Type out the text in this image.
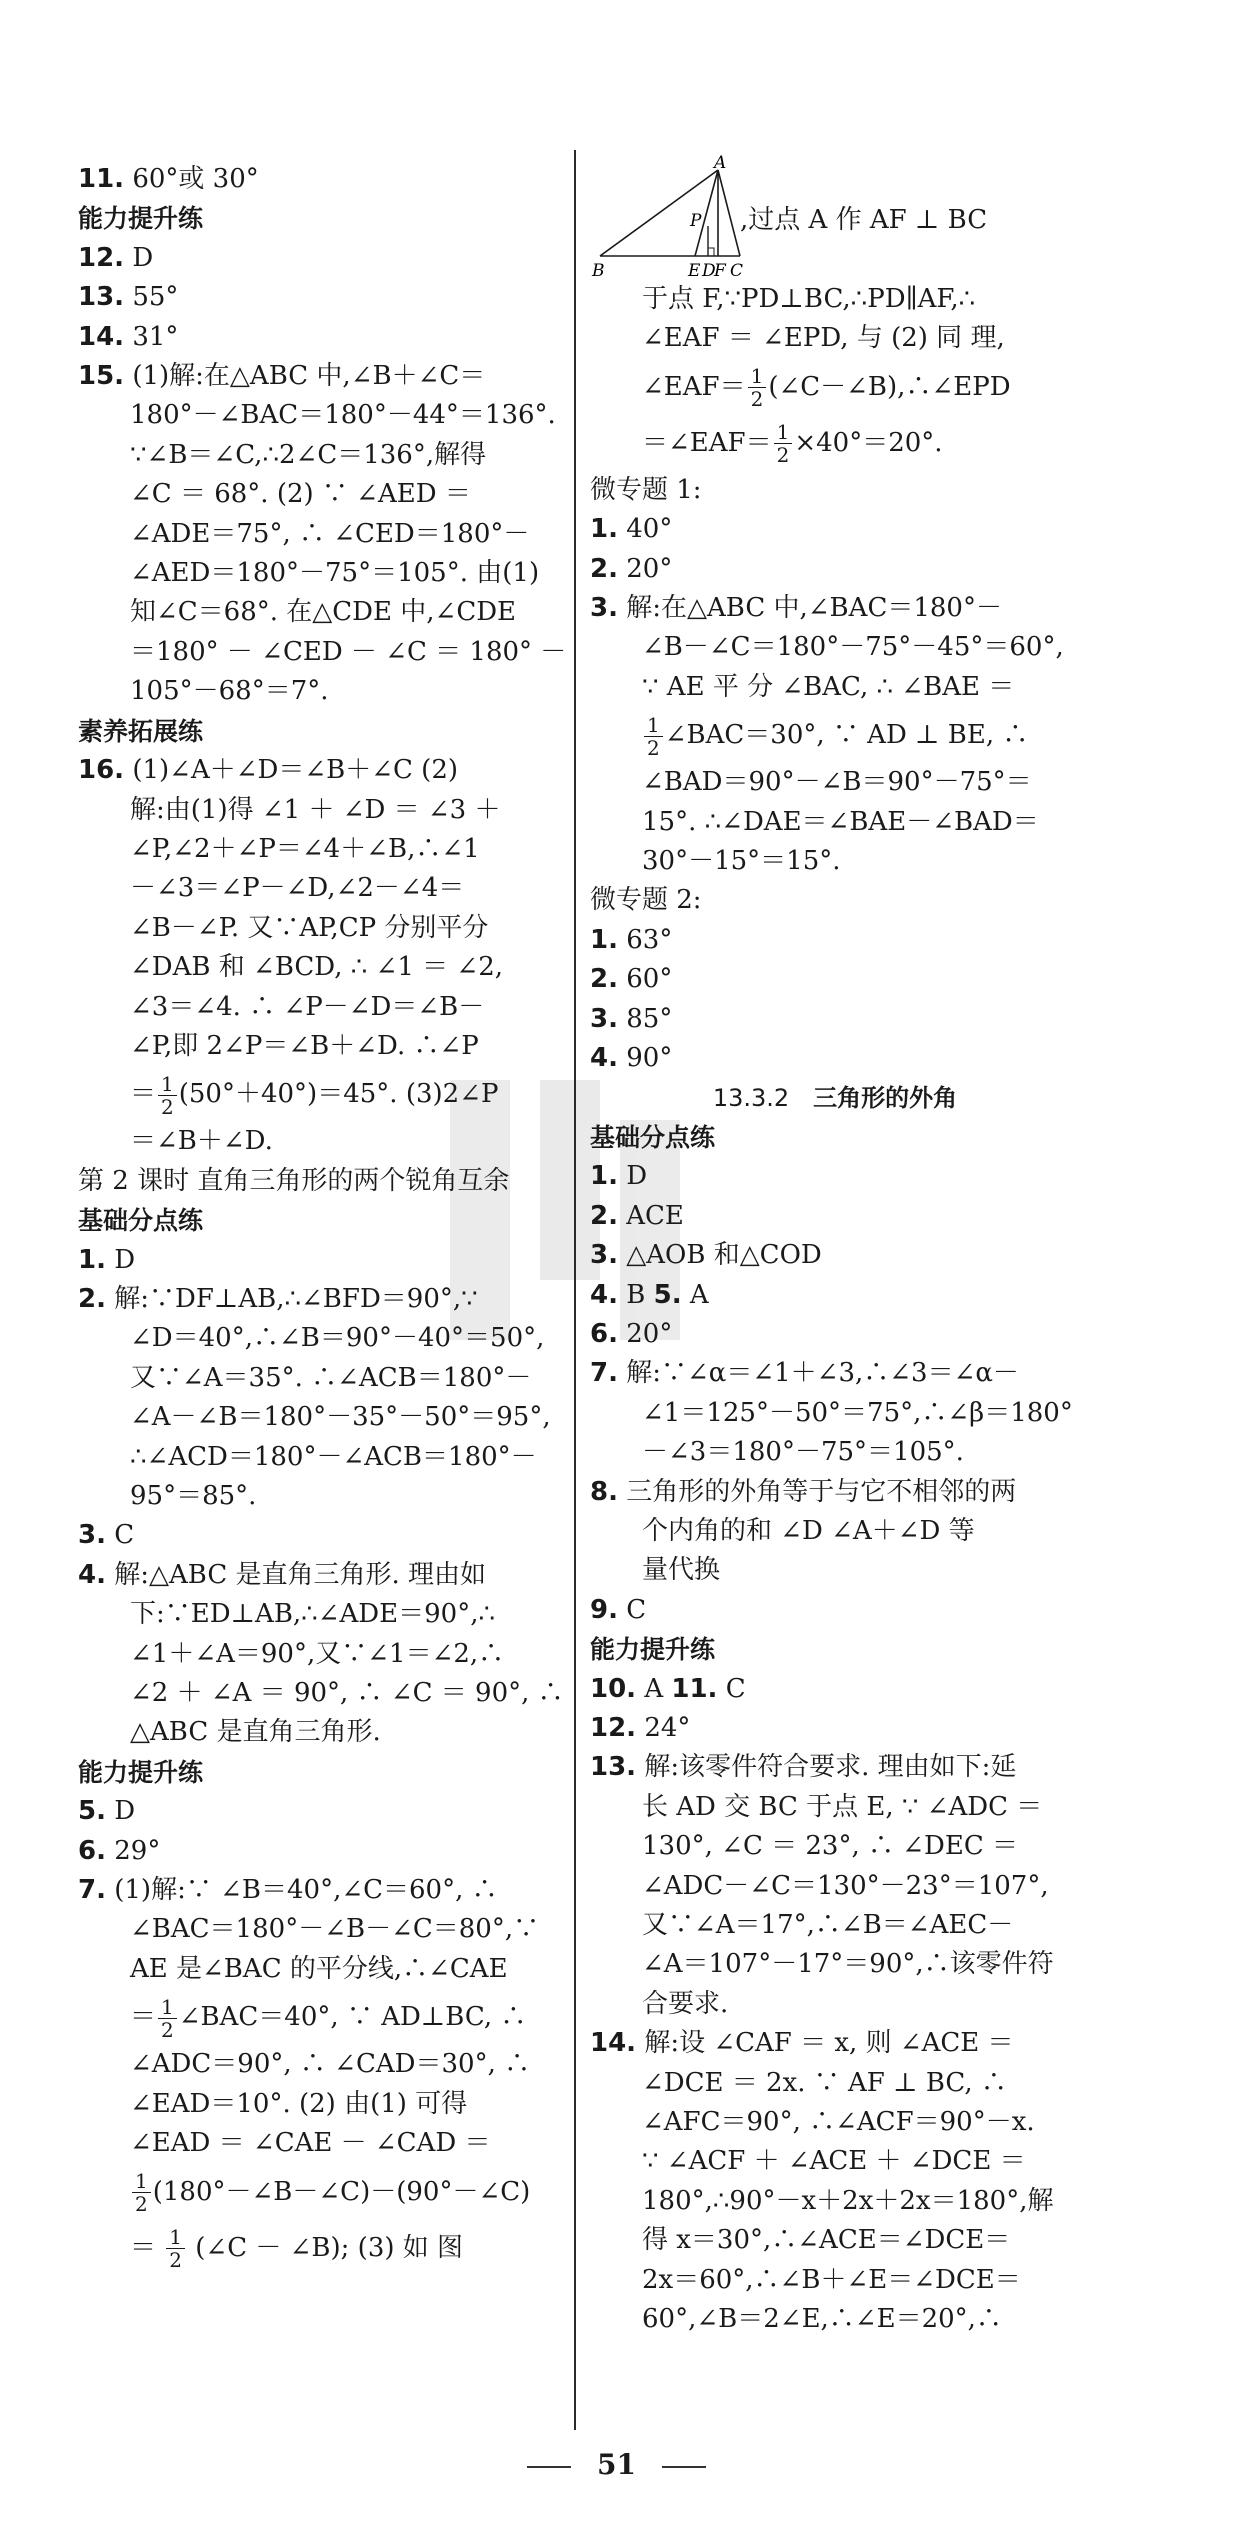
11. 60°或 30°
能力提升练
12. D
13. 55°
14. 31°
15. (1)解:在△ABC 中,∠B＋∠C＝
180°－∠BAC＝180°－44°＝136°.
∵∠B＝∠C,∴2∠C＝136°,解得
∠C ＝ 68°. (2) ∵ ∠AED ＝
∠ADE＝75°, ∴ ∠CED＝180°－
∠AED＝180°－75°＝105°. 由(1)
知∠C＝68°. 在△CDE 中,∠CDE
＝180° － ∠CED － ∠C ＝ 180° －
105°－68°＝7°.
素养拓展练
16. (1)∠A＋∠D＝∠B＋∠C (2)
解:由(1)得 ∠1 ＋ ∠D ＝ ∠3 ＋
∠P,∠2＋∠P＝∠4＋∠B,∴∠1
－∠3＝∠P－∠D,∠2－∠4＝
∠B－∠P. 又∵AP,CP 分别平分
∠DAB 和 ∠BCD, ∴ ∠1 ＝ ∠2,
∠3＝∠4. ∴ ∠P－∠D＝∠B－
∠P,即 2∠P＝∠B＋∠D. ∴∠P
＝ $\frac{1}{2} (50^\circ+40^\circ)=45^\circ$. (3)2∠P
＝∠B＋∠D.
第 2 课时 直角三角形的两个锐角互余
基础分点练
1. D
2. 解:∵DF⊥AB,∴∠BFD＝90°,∵
∠D＝40°,∴∠B＝90°－40°＝50°,
又∵∠A＝35°. ∴∠ACB＝180°－
∠A－∠B＝180°－35°－50°＝95°,
∴∠ACD＝180°－∠ACB＝180°－
95°＝85°.
3. C
4. 解:△ABC 是直角三角形. 理由如
下:∵ED⊥AB,∴∠ADE＝90°,∴
∠1＋∠A＝90°,又∵∠1＝∠2,∴
∠2 ＋ ∠A ＝ 90°, ∴ ∠C ＝ 90°, ∴
△ABC 是直角三角形.
能力提升练
5. D
6. 29°
7. (1)解:∵ ∠B＝40°,∠C＝60°, ∴
∠BAC＝180°－∠B－∠C＝80°,∵
AE 是∠BAC 的平分线,∴∠CAE
＝ $\frac{1}{2}$ ∠BAC＝40°, ∵ AD⊥BC, ∴
∠ADC＝90°, ∴ ∠CAD＝30°, ∴
∠EAD＝10°. (2) 由(1) 可得
∠EAD ＝ ∠CAE － ∠CAD ＝
$\frac{1}{2}$ (180°－∠B－∠C)－(90°－∠C)
＝ $\frac{1}{2}$ (∠C － ∠B); (3) 如 图
,过点 A 作 AF ⊥ BC
A
P
B	E D
F C
于点 F,∵PD⊥BC,∴PD∥AF,∴
∠EAF ＝ ∠EPD, 与 (2) 同 理,
∠EAF＝ $\frac{1}{2}$ (∠C－∠B),∴∠EPD
＝∠EAF＝ $\frac{1}{2} \times 40^\circ=20^\circ$.
微专题 1:
1. 40°
2. 20°
3. 解:在△ABC 中,∠BAC＝180°－
∠B－∠C＝180°－75°－45°＝60°,
∵ AE 平 分 ∠BAC, ∴ ∠BAE ＝
$\frac{1}{2}$ ∠BAC＝30°, ∵ AD ⊥ BE, ∴
∠BAD＝90°－∠B＝90°－75°＝
15°. ∴∠DAE＝∠BAE－∠BAD＝
30°－15°＝15°.
微专题 2:
1. 63°
2. 60°
3. 85°
4. 90°
13.3.2 三角形的外角
基础分点练
1. D
2. ACE
3. △AOB 和△COD
4. B 5. A
6. 20°
7. 解:∵∠α＝∠1＋∠3,∴∠3＝∠α－
∠1＝125°－50°＝75°,∴∠β＝180°
－∠3＝180°－75°＝105°.
8. 三角形的外角等于与它不相邻的两
个内角的和 ∠D ∠A＋∠D 等
量代换
9. C
能力提升练
10. A 11. C
12. 24°
13. 解:该零件符合要求. 理由如下:延
长 AD 交 BC 于点 E, ∵ ∠ADC ＝
130°, ∠C ＝ 23°, ∴ ∠DEC ＝
∠ADC－∠C＝130°－23°＝107°,
又∵∠A＝17°,∴∠B＝∠AEC－
∠A＝107°－17°＝90°,∴该零件符
合要求.
14. 解:设 ∠CAF ＝ x, 则 ∠ACE ＝
∠DCE ＝ 2x. ∵ AF ⊥ BC, ∴
∠AFC＝90°, ∴∠ACF＝90°－x.
∵ ∠ACF ＋ ∠ACE ＋ ∠DCE ＝
180°,∴90°－x＋2x＋2x＝180°,解
得 x＝30°,∴∠ACE＝∠DCE＝
2x＝60°,∴∠B＋∠E＝∠DCE＝
60°,∠B＝2∠E,∴∠E＝20°,∴
51
